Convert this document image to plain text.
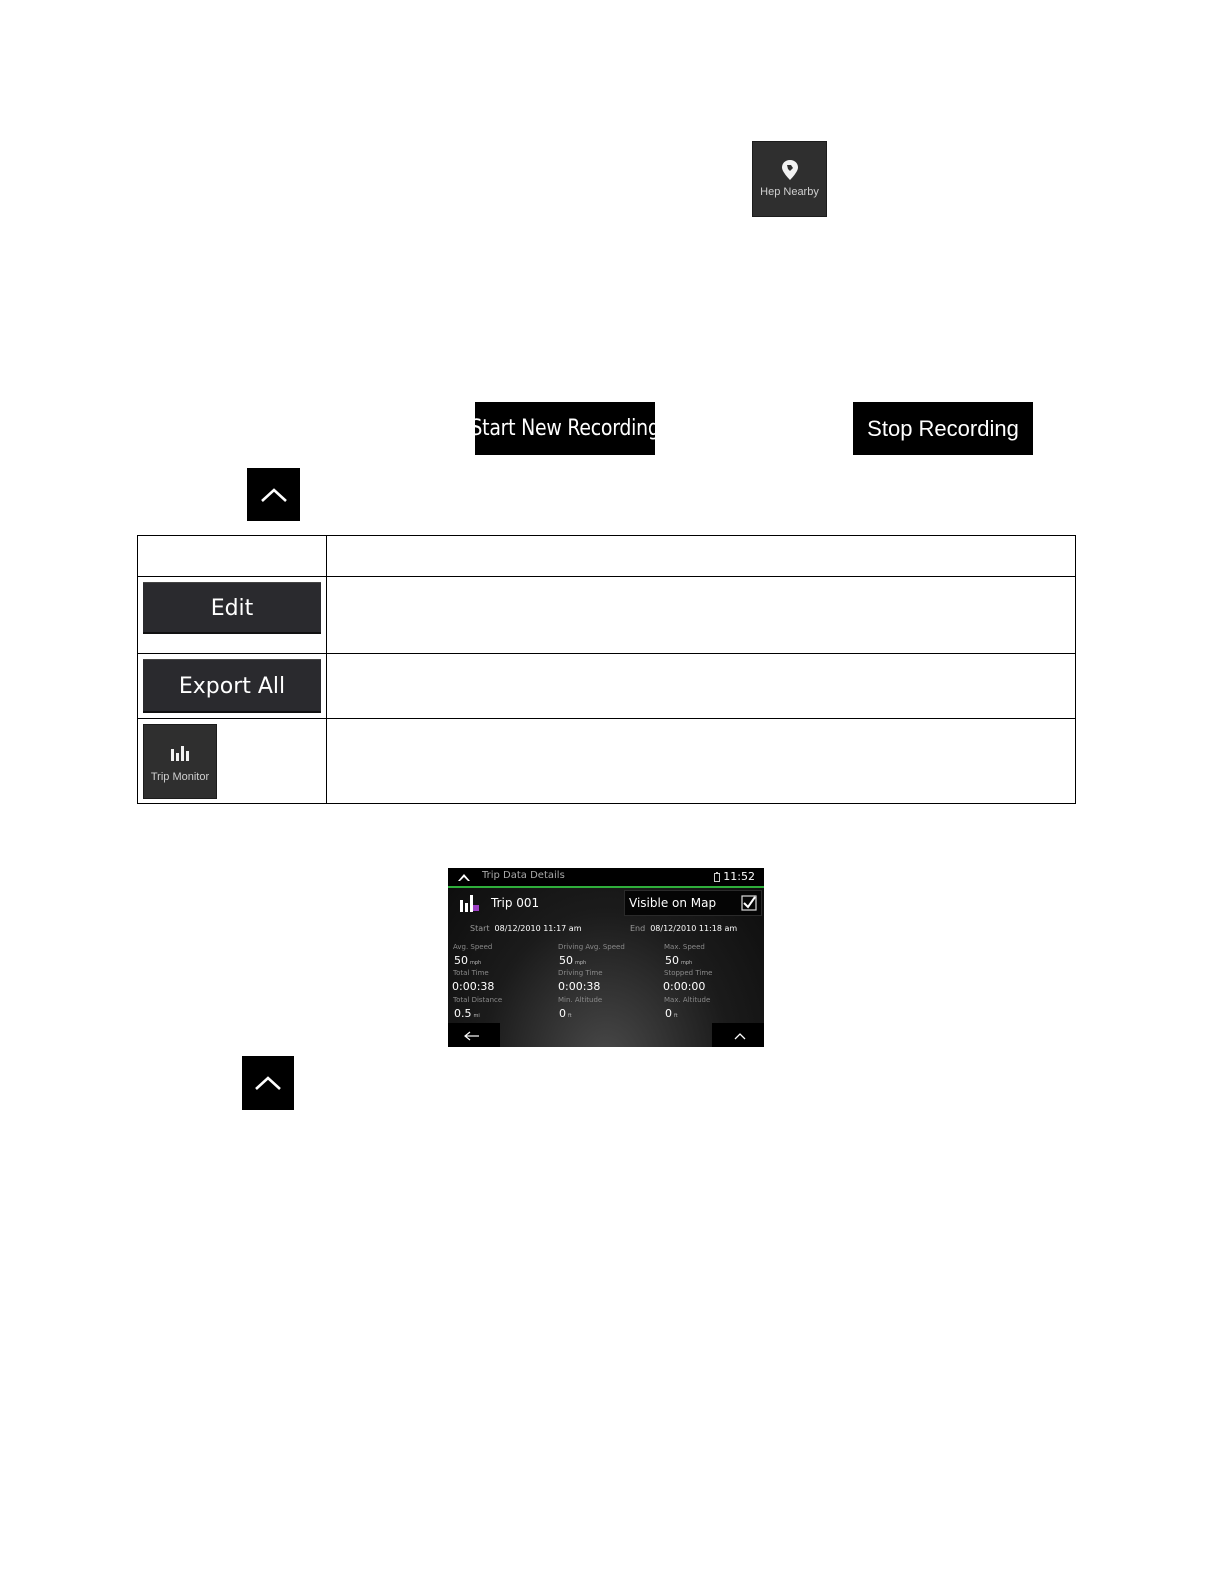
Hep Nearby
Start New Recording	Stop Recording

Edit	

Export All	

Trip Monitor	

Trip Data Details	11:52
Trip 001	Visible on Map
Start 08/12/2010 11:17 am	End 08/12/2010 11:18 am
Avg. Speed
50 mph
Driving Avg. Speed
50 mph
Max. Speed
50 mph
Total Time
0:00:38
Driving Time
0:00:38
Stopped Time
0:00:00
Total Distance
0.5 mi
Min. Altitude
0 ft
Max. Altitude
0 ft
